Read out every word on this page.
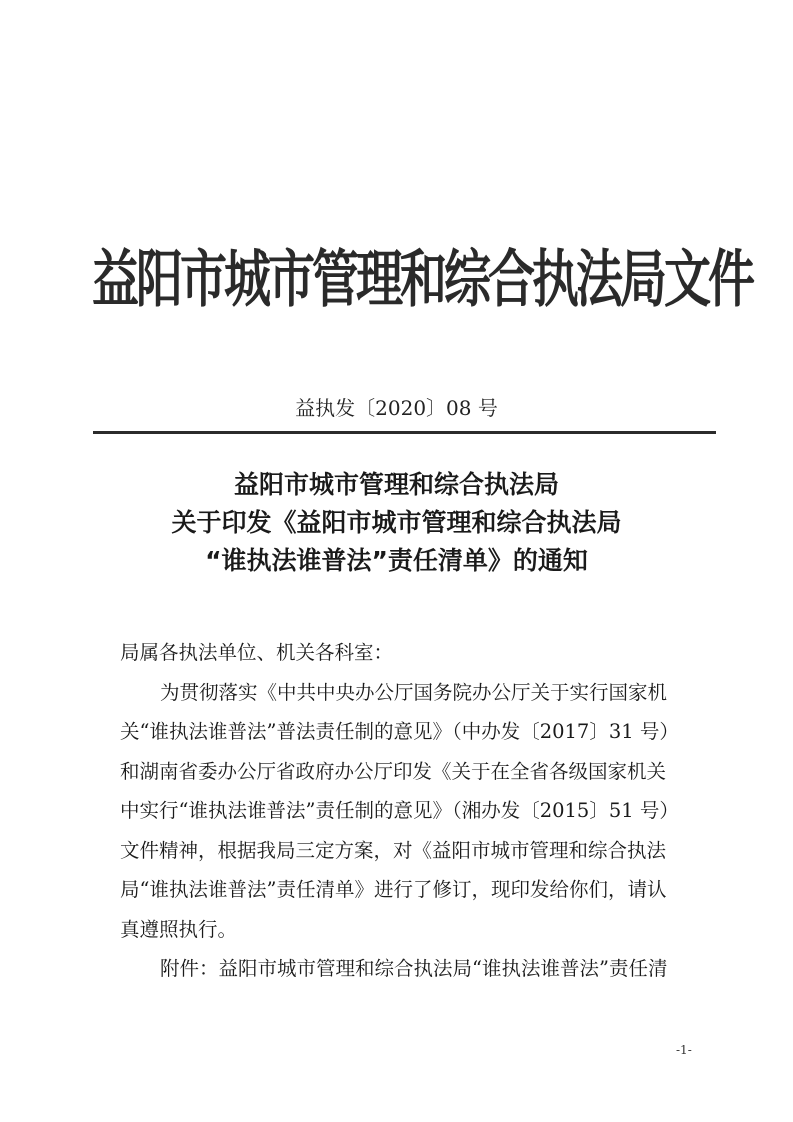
益阳市城市管理和综合执法局文件
益执发〔2020〕08 号
益阳市城市管理和综合执法局
关于印发《益阳市城市管理和综合执法局
“谁执法谁普法”责任清单》的通知
局属各执法单位、机关各科室：
为贯彻落实《中共中央办公厅国务院办公厅关于实行国家机
关“谁执法谁普法”普法责任制的意见》（中办发〔2017〕31 号）
和湖南省委办公厅省政府办公厅印发《关于在全省各级国家机关
中实行“谁执法谁普法”责任制的意见》（湘办发〔2015〕51 号）
文件精神，根据我局三定方案，对《益阳市城市管理和综合执法
局“谁执法谁普法”责任清单》进行了修订，现印发给你们，请认
真遵照执行。
附件：益阳市城市管理和综合执法局“谁执法谁普法”责任清
-1-
